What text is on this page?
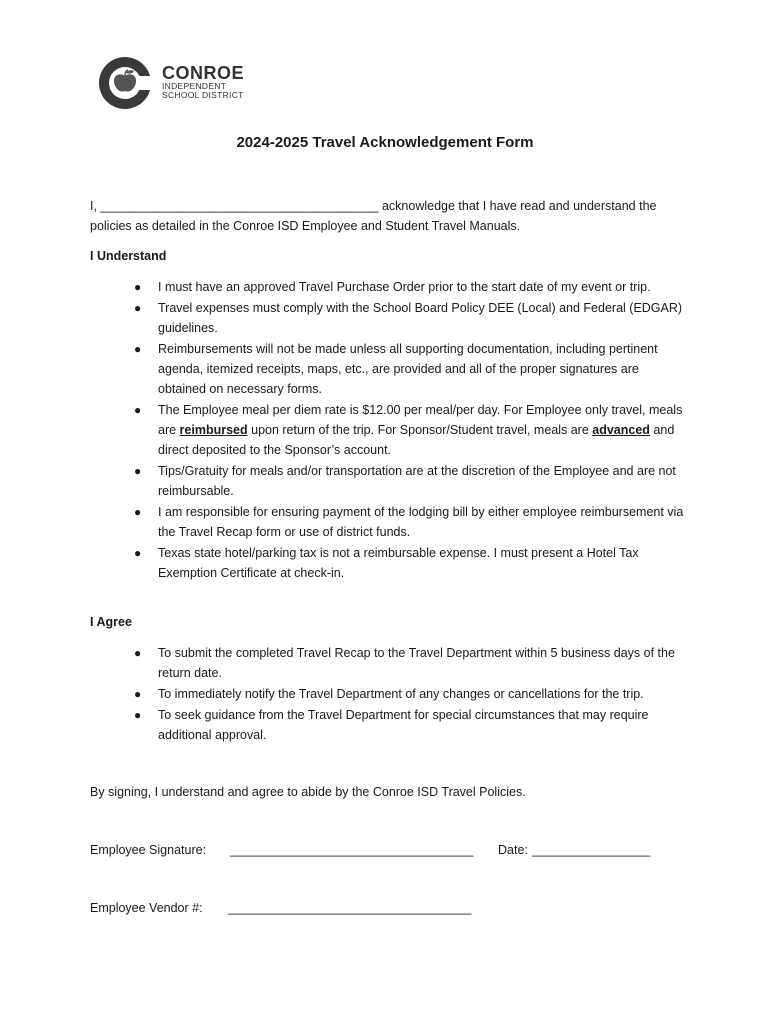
CONROE
INDEPENDENT
SCHOOL DISTRICT
2024-2025 Travel Acknowledgement Form
I, ________________________________________ acknowledge that I have read and understand the
policies as detailed in the Conroe ISD Employee and Student Travel Manuals.
I Understand
● I must have an approved Travel Purchase Order prior to the start date of my event or trip.
● Travel expenses must comply with the School Board Policy DEE (Local) and Federal (EDGAR) guidelines.
● Reimbursements will not be made unless all supporting documentation, including pertinent agenda, itemized receipts, maps, etc., are provided and all of the proper signatures are obtained on necessary forms.
● The Employee meal per diem rate is $12.00 per meal/per day. For Employee only travel, meals are reimbursed upon return of the trip. For Sponsor/Student travel, meals are advanced and direct deposited to the Sponsor’s account.
● Tips/Gratuity for meals and/or transportation are at the discretion of the Employee and are not reimbursable.
● I am responsible for ensuring payment of the lodging bill by either employee reimbursement via the Travel Recap form or use of district funds.
● Texas state hotel/parking tax is not a reimbursable expense. I must present a Hotel Tax Exemption Certificate at check-in.
I Agree
● To submit the completed Travel Recap to the Travel Department within 5 business days of the return date.
● To immediately notify the Travel Department of any changes or cancellations for the trip.
● To seek guidance from the Travel Department for special circumstances that may require additional approval.
By signing, I understand and agree to abide by the Conroe ISD Travel Policies.
Employee Signature: ___________________________________ Date: _________________
Employee Vendor #: ___________________________________
